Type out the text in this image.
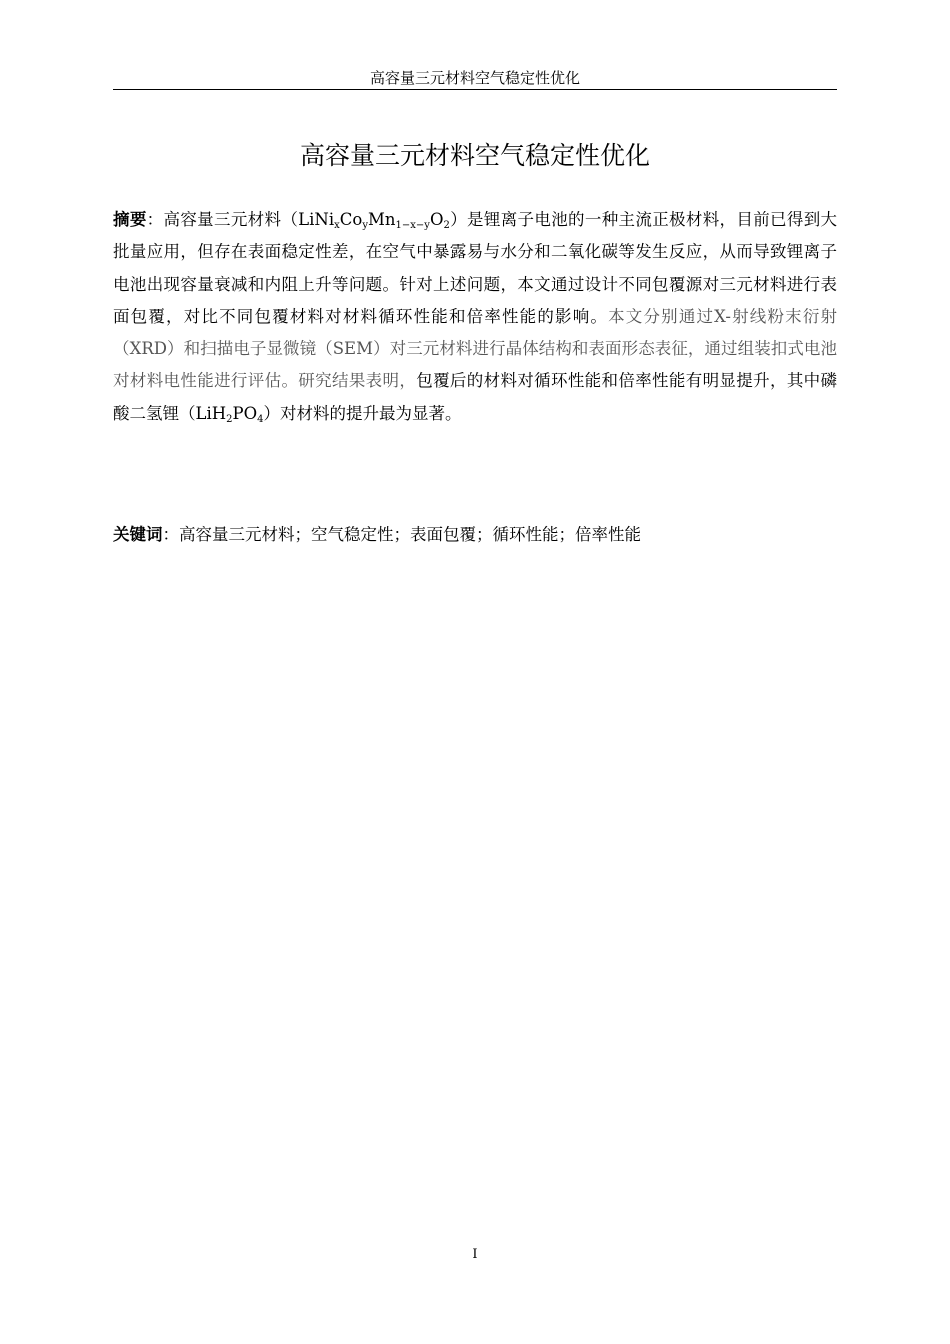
高容量三元材料空气稳定性优化
高容量三元材料空气稳定性优化

摘要：高容量三元材料$(LiNi_xCo_yMn_{1-x-y}O_2)$是锂离子电池的一种主流正极材料，目前已得到大批量应用，但存在表面稳定性差，在空气中暴露易与水分和二氧化碳等发生反应，从而导致锂离子电池出现容量衰减和内阻上升等问题。针对上述问题，本文通过设计不同包覆源对三元材料进行表面包覆，对比不同包覆材料对材料循环性能和倍率性能的影响。本文分别通过X-射线粉末衍射（XRD）和扫描电子显微镜（SEM）对三元材料进行晶体结构和表面形态表征，通过组装扣式电池对材料电性能进行评估。研究结果表明，包覆后的材料对循环性能和倍率性能有明显提升，其中磷酸二氢锂$(LiH_2PO_4)$对材料的提升最为显著。

关键词：高容量三元材料；空气稳定性；表面包覆；循环性能；倍率性能

I
